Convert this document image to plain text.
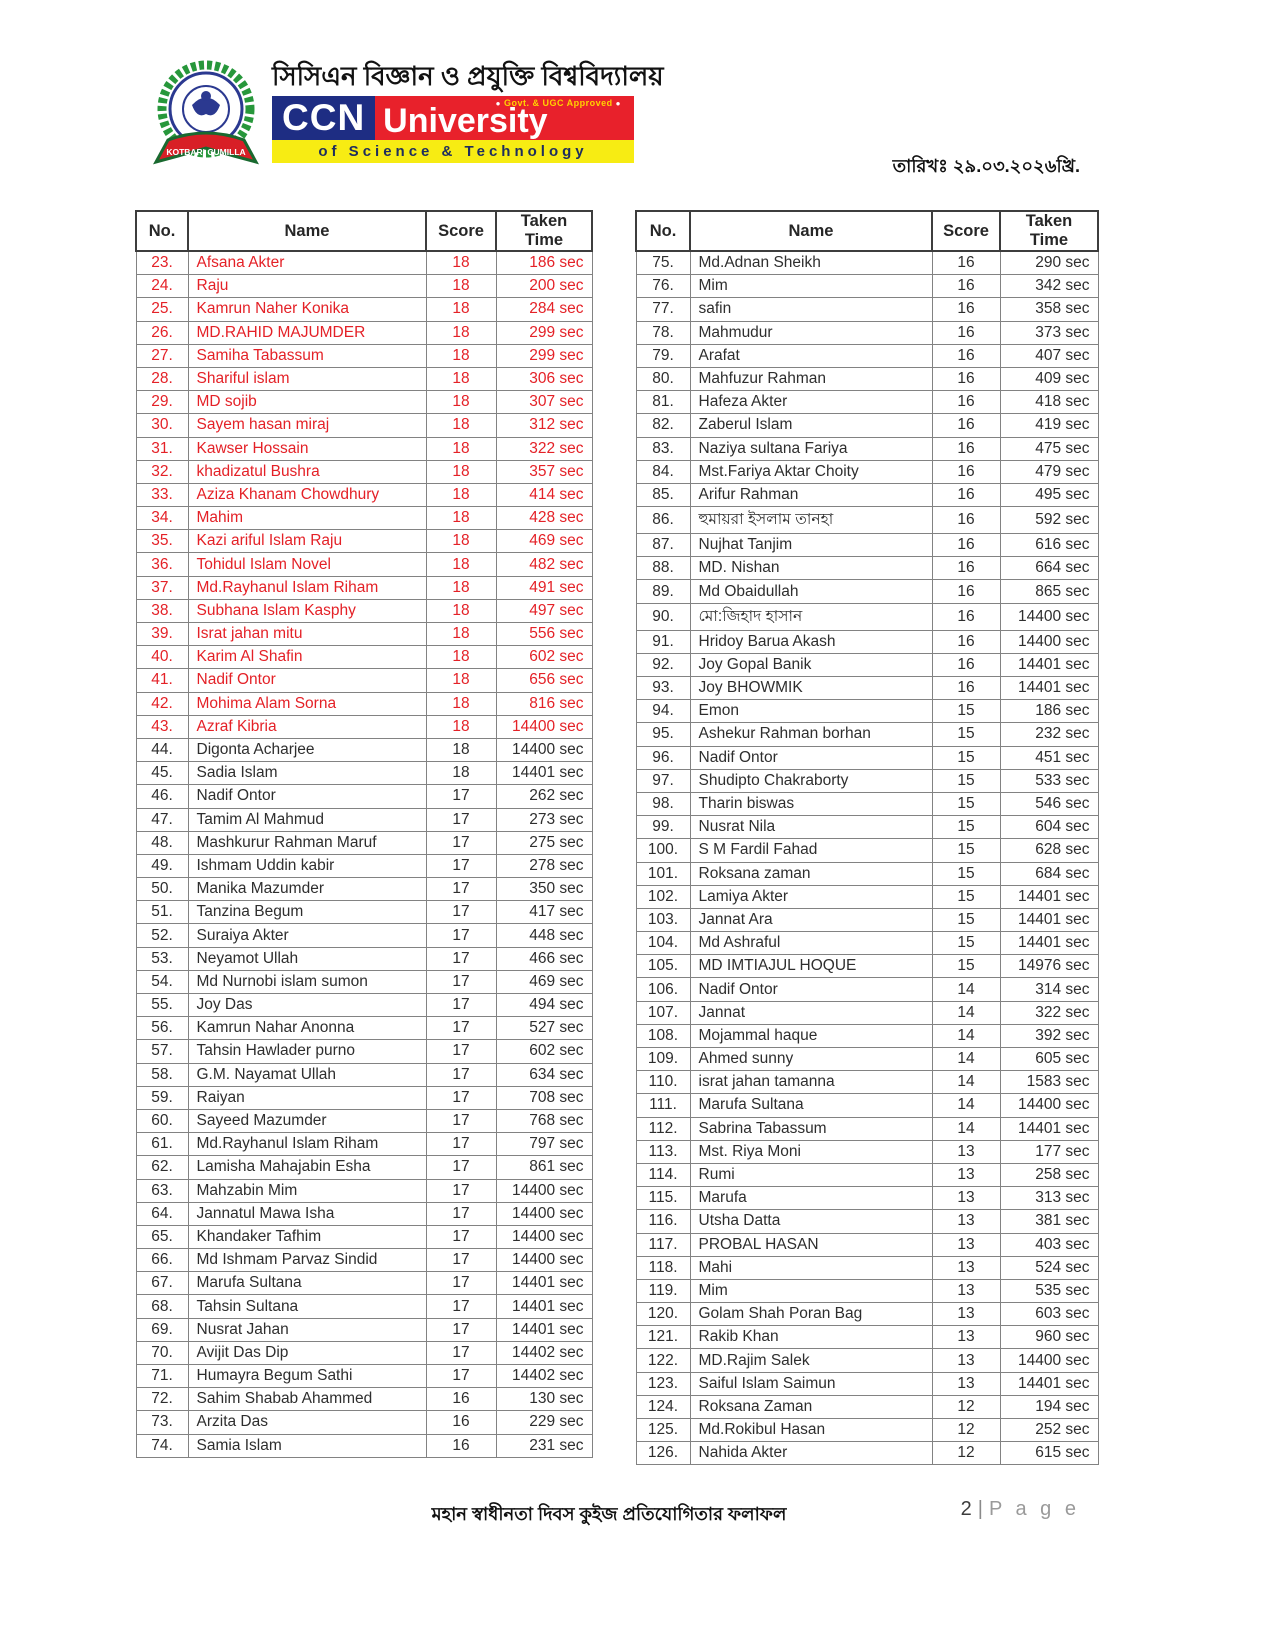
KOTBARI CUMILLA
সিসিএন বিজ্ঞান ও প্রযুক্তি বিশ্ববিদ্যালয়
CCN	● Govt. & UGC Approved ●
University
of Science & Technology
তারিখঃ ২৯.০৩.২০২৬খ্রি.
No.	Name	Score	Taken Time
23.	Afsana Akter	18	186 sec
24.	Raju	18	200 sec
25.	Kamrun Naher Konika	18	284 sec
26.	MD.RAHID MAJUMDER	18	299 sec
27.	Samiha Tabassum	18	299 sec
28.	Shariful islam	18	306 sec
29.	MD sojib	18	307 sec
30.	Sayem hasan miraj	18	312 sec
31.	Kawser Hossain	18	322 sec
32.	khadizatul Bushra	18	357 sec
33.	Aziza Khanam Chowdhury	18	414 sec
34.	Mahim	18	428 sec
35.	Kazi ariful Islam Raju	18	469 sec
36.	Tohidul Islam Novel	18	482 sec
37.	Md.Rayhanul Islam Riham	18	491 sec
38.	Subhana Islam Kasphy	18	497 sec
39.	Israt jahan mitu	18	556 sec
40.	Karim Al Shafin	18	602 sec
41.	Nadif Ontor	18	656 sec
42.	Mohima Alam Sorna	18	816 sec
43.	Azraf Kibria	18	14400 sec
44.	Digonta Acharjee	18	14400 sec
45.	Sadia Islam	18	14401 sec
46.	Nadif Ontor	17	262 sec
47.	Tamim Al Mahmud	17	273 sec
48.	Mashkurur Rahman Maruf	17	275 sec
49.	Ishmam Uddin kabir	17	278 sec
50.	Manika Mazumder	17	350 sec
51.	Tanzina Begum	17	417 sec
52.	Suraiya Akter	17	448 sec
53.	Neyamot Ullah	17	466 sec
54.	Md Nurnobi islam sumon	17	469 sec
55.	Joy Das	17	494 sec
56.	Kamrun Nahar Anonna	17	527 sec
57.	Tahsin Hawlader purno	17	602 sec
58.	G.M. Nayamat Ullah	17	634 sec
59.	Raiyan	17	708 sec
60.	Sayeed Mazumder	17	768 sec
61.	Md.Rayhanul Islam Riham	17	797 sec
62.	Lamisha Mahajabin Esha	17	861 sec
63.	Mahzabin Mim	17	14400 sec
64.	Jannatul Mawa Isha	17	14400 sec
65.	Khandaker Tafhim	17	14400 sec
66.	Md Ishmam Parvaz Sindid	17	14400 sec
67.	Marufa Sultana	17	14401 sec
68.	Tahsin Sultana	17	14401 sec
69.	Nusrat Jahan	17	14401 sec
70.	Avijit Das Dip	17	14402 sec
71.	Humayra Begum Sathi	17	14402 sec
72.	Sahim Shabab Ahammed	16	130 sec
73.	Arzita Das	16	229 sec
74.	Samia Islam	16	231 sec
No.	Name	Score	Taken Time
75.	Md.Adnan Sheikh	16	290 sec
76.	Mim	16	342 sec
77.	safin	16	358 sec
78.	Mahmudur	16	373 sec
79.	Arafat	16	407 sec
80.	Mahfuzur Rahman	16	409 sec
81.	Hafeza Akter	16	418 sec
82.	Zaberul Islam	16	419 sec
83.	Naziya sultana Fariya	16	475 sec
84.	Mst.Fariya Aktar Choity	16	479 sec
85.	Arifur Rahman	16	495 sec
86.	হুমায়রা ইসলাম তানহা	16	592 sec
87.	Nujhat Tanjim	16	616 sec
88.	MD. Nishan	16	664 sec
89.	Md Obaidullah	16	865 sec
90.	মো:জিহাদ হাসান	16	14400 sec
91.	Hridoy Barua Akash	16	14400 sec
92.	Joy Gopal Banik	16	14401 sec
93.	Joy BHOWMIK	16	14401 sec
94.	Emon	15	186 sec
95.	Ashekur Rahman borhan	15	232 sec
96.	Nadif Ontor	15	451 sec
97.	Shudipto Chakraborty	15	533 sec
98.	Tharin biswas	15	546 sec
99.	Nusrat Nila	15	604 sec
100.	S M Fardil Fahad	15	628 sec
101.	Roksana zaman	15	684 sec
102.	Lamiya Akter	15	14401 sec
103.	Jannat Ara	15	14401 sec
104.	Md Ashraful	15	14401 sec
105.	MD IMTIAJUL HOQUE	15	14976 sec
106.	Nadif Ontor	14	314 sec
107.	Jannat	14	322 sec
108.	Mojammal haque	14	392 sec
109.	Ahmed sunny	14	605 sec
110.	israt jahan tamanna	14	1583 sec
111.	Marufa Sultana	14	14400 sec
112.	Sabrina Tabassum	14	14401 sec
113.	Mst. Riya Moni	13	177 sec
114.	Rumi	13	258 sec
115.	Marufa	13	313 sec
116.	Utsha Datta	13	381 sec
117.	PROBAL HASAN	13	403 sec
118.	Mahi	13	524 sec
119.	Mim	13	535 sec
120.	Golam Shah Poran Bag	13	603 sec
121.	Rakib Khan	13	960 sec
122.	MD.Rajim Salek	13	14400 sec
123.	Saiful Islam Saimun	13	14401 sec
124.	Roksana Zaman	12	194 sec
125.	Md.Rokibul Hasan	12	252 sec
126.	Nahida Akter	12	615 sec
মহান স্বাধীনতা দিবস কুইজ প্রতিযোগিতার ফলাফল	2 | P a g e
